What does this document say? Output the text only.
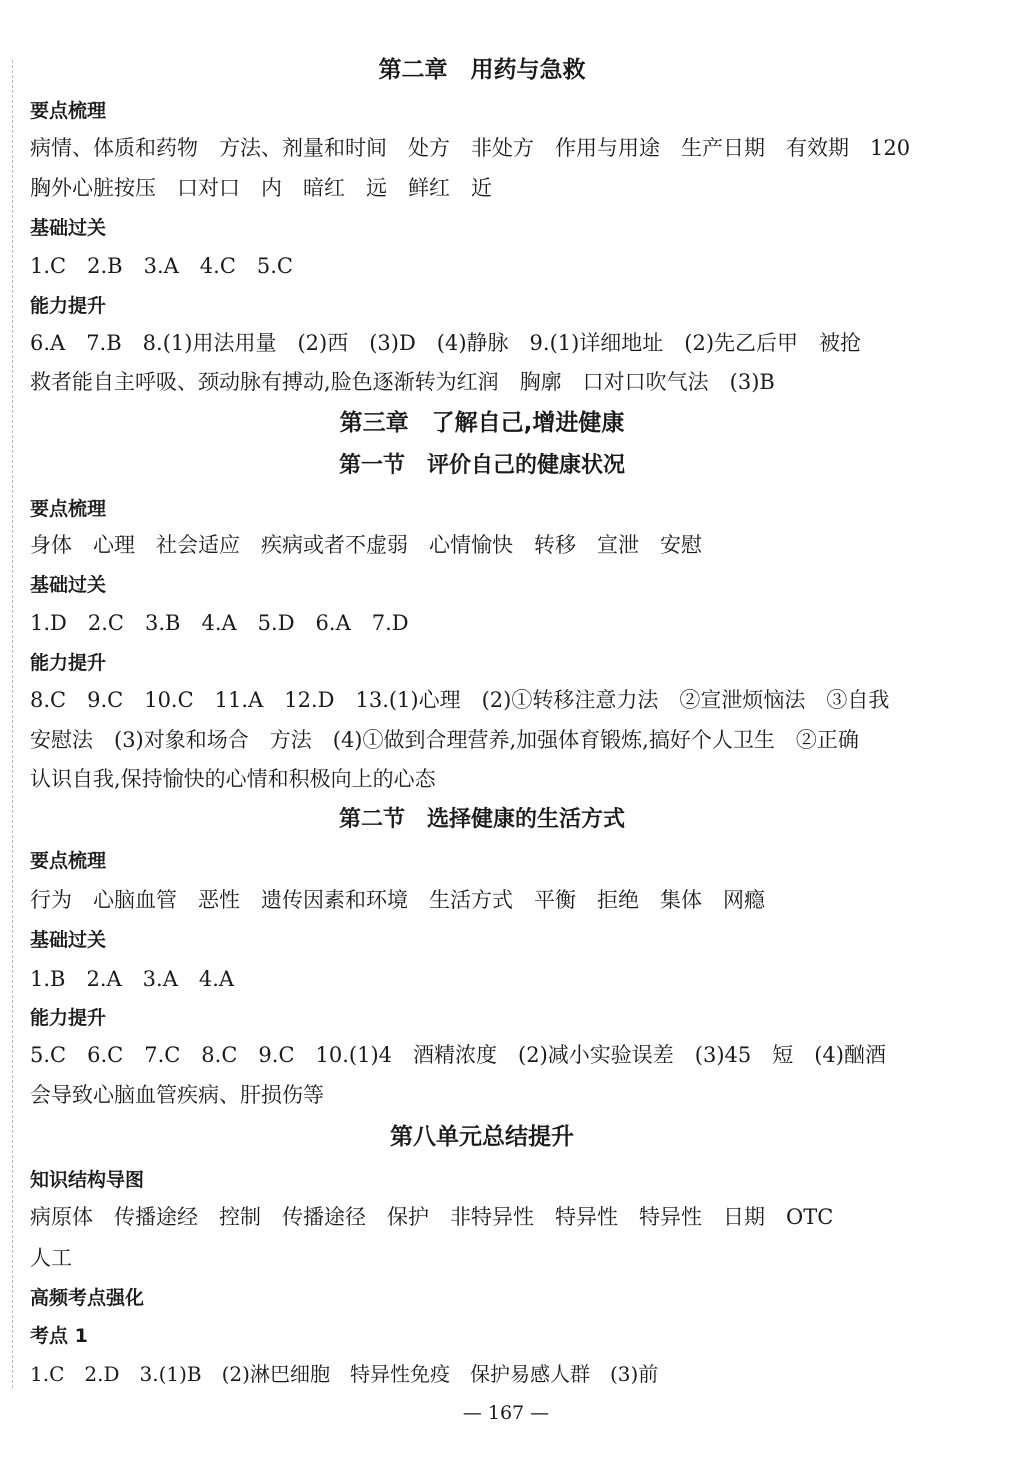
第二章　用药与急救
要点梳理
病情、体质和药物　方法、剂量和时间　处方　非处方　作用与用途　生产日期　有效期　120
胸外心脏按压　口对口　内　暗红　远　鲜红　近
基础过关
1.C　 2.B　 3.A　 4.C　 5.C
能力提升
6.A　7.B　8.(1)用法用量　(2)西　(3)D　(4)静脉　9.(1)详细地址　(2)先乙后甲　被抢
救者能自主呼吸、颈动脉有搏动,脸色逐渐转为红润　胸廓　口对口吹气法　(3)B
第三章　了解自己,增进健康
第一节　评价自己的健康状况
要点梳理
身体　心理　社会适应　疾病或者不虚弱　心情愉快　转移　宣泄　安慰
基础过关
1.D　 2.C　 3.B　 4.A　 5.D　 6.A　 7.D
能力提升
8.C　9.C　10.C　11.A　12.D　13.(1)心理　(2)①转移注意力法　②宣泄烦恼法　③自我
安慰法　(3)对象和场合　方法　(4)①做到合理营养,加强体育锻炼,搞好个人卫生　②正确
认识自我,保持愉快的心情和积极向上的心态
第二节　选择健康的生活方式
要点梳理
行为　心脑血管　恶性　遗传因素和环境　生活方式　平衡　拒绝　集体　网瘾
基础过关
1.B　 2.A　 3.A　 4.A
能力提升
5.C　6.C　7.C　8.C　9.C　10.(1)4　酒精浓度　(2)减小实验误差　(3)45　短　(4)酗酒
会导致心脑血管疾病、肝损伤等
第八单元总结提升
知识结构导图
病原体　传播途经　控制　传播途径　保护　非特异性　特异性　特异性　日期　OTC
人工
高频考点强化
考点 1
1.C　2.D　3.(1)B　(2)淋巴细胞　特异性免疫　保护易感人群　(3)前
— 167 —
